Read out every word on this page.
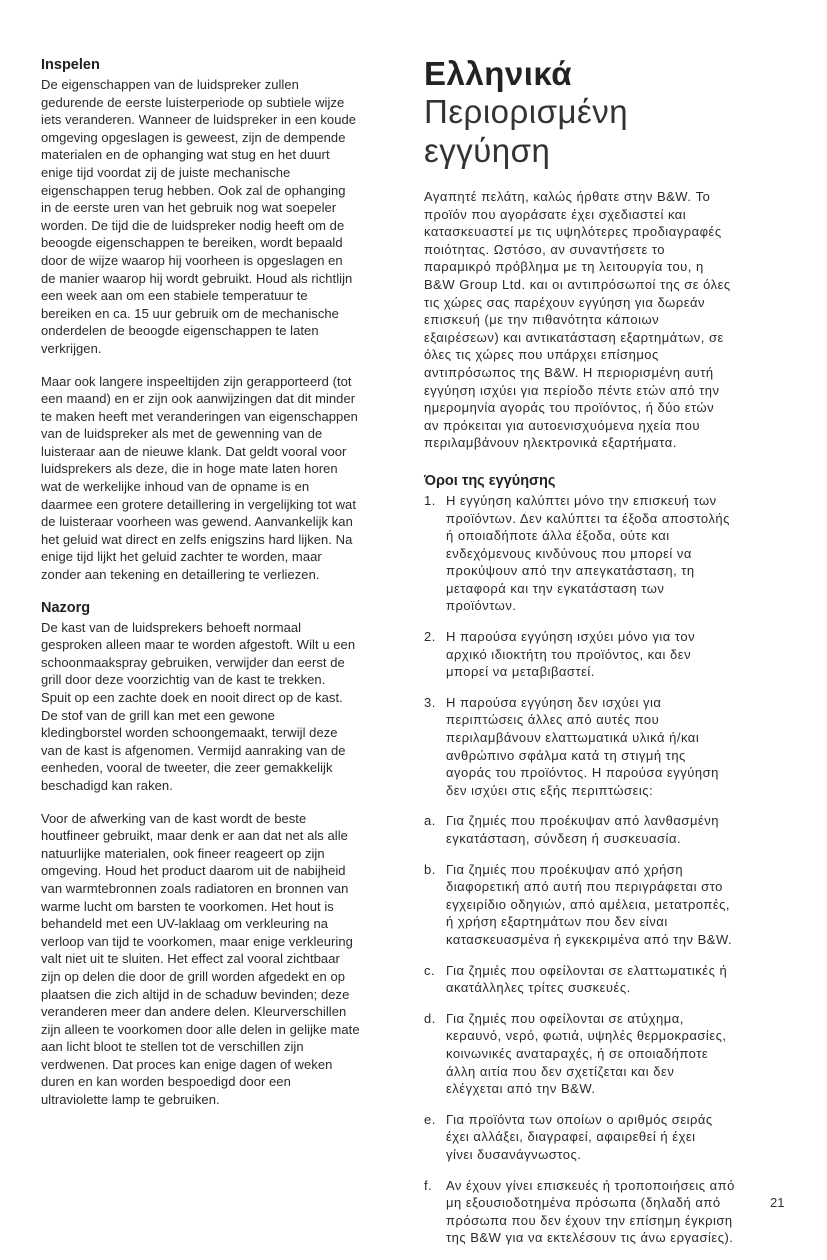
Inspelen

De eigenschappen van de luidspreker zullen
gedurende de eerste luisterperiode op subtiele wijze
iets veranderen. Wanneer de luidspreker in een koude
omgeving opgeslagen is geweest, zijn de dempende
materialen en de ophanging wat stug en het duurt
enige tijd voordat zij de juiste mechanische
eigenschappen terug hebben. Ook zal de ophanging
in de eerste uren van het gebruik nog wat soepeler
worden. De tijd die de luidspreker nodig heeft om de
beoogde eigenschappen te bereiken, wordt bepaald
door de wijze waarop hij voorheen is opgeslagen en
de manier waarop hij wordt gebruikt. Houd als richtlijn
een week aan om een stabiele temperatuur te
bereiken en ca. 15 uur gebruik om de mechanische
onderdelen de beoogde eigenschappen te laten
verkrijgen.

Maar ook langere inspeeltijden zijn gerapporteerd (tot
een maand) en er zijn ook aanwijzingen dat dit minder
te maken heeft met veranderingen van eigenschappen
van de luidspreker als met de gewenning van de
luisteraar aan de nieuwe klank. Dat geldt vooral voor
luidsprekers als deze, die in hoge mate laten horen
wat de werkelijke inhoud van de opname is en
daarmee een grotere detaillering in vergelijking tot wat
de luisteraar voorheen was gewend. Aanvankelijk kan
het geluid wat direct en zelfs enigszins hard lijken. Na
enige tijd lijkt het geluid zachter te worden, maar
zonder aan tekening en detaillering te verliezen.

Nazorg

De kast van de luidsprekers behoeft normaal
gesproken alleen maar te worden afgestoft. Wilt u een
schoonmaakspray gebruiken, verwijder dan eerst de
grill door deze voorzichtig van de kast te trekken.
Spuit op een zachte doek en nooit direct op de kast.
De stof van de grill kan met een gewone
kledingborstel worden schoongemaakt, terwijl deze
van de kast is afgenomen. Vermijd aanraking van de
eenheden, vooral de tweeter, die zeer gemakkelijk
beschadigd kan raken.

Voor de afwerking van de kast wordt de beste
houtfineer gebruikt, maar denk er aan dat net als alle
natuurlijke materialen, ook fineer reageert op zijn
omgeving. Houd het product daarom uit de nabijheid
van warmtebronnen zoals radiatoren en bronnen van
warme lucht om barsten te voorkomen. Het hout is
behandeld met een UV-laklaag om verkleuring na
verloop van tijd te voorkomen, maar enige verkleuring
valt niet uit te sluiten. Het effect zal vooral zichtbaar
zijn op delen die door de grill worden afgedekt en op
plaatsen die zich altijd in de schaduw bevinden; deze
veranderen meer dan andere delen. Kleurverschillen
zijn alleen te voorkomen door alle delen in gelijke mate
aan licht bloot te stellen tot de verschillen zijn
verdwenen. Dat proces kan enige dagen of weken
duren en kan worden bespoedigd door een
ultraviolette lamp te gebruiken.

Ελληνικά
Περιορισμένη
εγγύηση

Αγαπητέ πελάτη, καλώς ήρθατε στην B&W. Το
προϊόν που αγοράσατε έχει σχεδιαστεί και
κατασκευαστεί με τις υψηλότερες προδιαγραφές
ποιότητας. Ωστόσο, αν συναντήσετε το
παραμικρό πρόβλημα με τη λειτουργία του, η
B&W Group Ltd. και οι αντιπρόσωποί της σε όλες
τις χώρες σας παρέχουν εγγύηση για δωρεάν
επισκευή (με την πιθανότητα κάποιων
εξαιρέσεων) και αντικατάσταση εξαρτημάτων, σε
όλες τις χώρες που υπάρχει επίσημος
αντιπρόσωπος της B&W. Η περιορισμένη αυτή
εγγύηση ισχύει για περίοδο πέντε ετών από την
ημερομηνία αγοράς του προϊόντος, ή δύο ετών
αν πρόκειται για αυτοενισχυόμενα ηχεία που
περιλαμβάνουν ηλεκτρονικά εξαρτήματα.

Όροι της εγγύησης
1. Η εγγύηση καλύπτει μόνο την επισκευή των
προϊόντων. Δεν καλύπτει τα έξοδα αποστολής
ή οποιαδήποτε άλλα έξοδα, ούτε και
ενδεχόμενους κινδύνους που μπορεί να
προκύψουν από την απεγκατάσταση, τη
μεταφορά και την εγκατάσταση των
προϊόντων.
2. Η παρούσα εγγύηση ισχύει μόνο για τον
αρχικό ιδιοκτήτη του προϊόντος, και δεν
μπορεί να μεταβιβαστεί.
3. Η παρούσα εγγύηση δεν ισχύει για
περιπτώσεις άλλες από αυτές που
περιλαμβάνουν ελαττωματικά υλικά ή/και
ανθρώπινο σφάλμα κατά τη στιγμή της
αγοράς του προϊόντος. Η παρούσα εγγύηση
δεν ισχύει στις εξής περιπτώσεις:
a. Για ζημιές που προέκυψαν από λανθασμένη
εγκατάσταση, σύνδεση ή συσκευασία.
b. Για ζημιές που προέκυψαν από χρήση
διαφορετική από αυτή που περιγράφεται στο
εγχειρίδιο οδηγιών, από αμέλεια, μετατροπές,
ή χρήση εξαρτημάτων που δεν είναι
κατασκευασμένα ή εγκεκριμένα από την B&W.
c. Για ζημιές που οφείλονται σε ελαττωματικές ή
ακατάλληλες τρίτες συσκευές.
d. Για ζημιές που οφείλονται σε ατύχημα,
κεραυνό, νερό, φωτιά, υψηλές θερμοκρασίες,
κοινωνικές αναταραχές, ή σε οποιαδήποτε
άλλη αιτία που δεν σχετίζεται και δεν
ελέγχεται από την B&W.
e. Για προϊόντα των οποίων ο αριθμός σειράς
έχει αλλάξει, διαγραφεί, αφαιρεθεί ή έχει
γίνει δυσανάγνωστος.
f.	Αν έχουν γίνει επισκευές ή τροποποιήσεις από
μη εξουσιοδοτημένα πρόσωπα (δηλαδή από
πρόσωπα που δεν έχουν την επίσημη έγκριση
της B&W για να εκτελέσουν τις άνω εργασίες).
21
